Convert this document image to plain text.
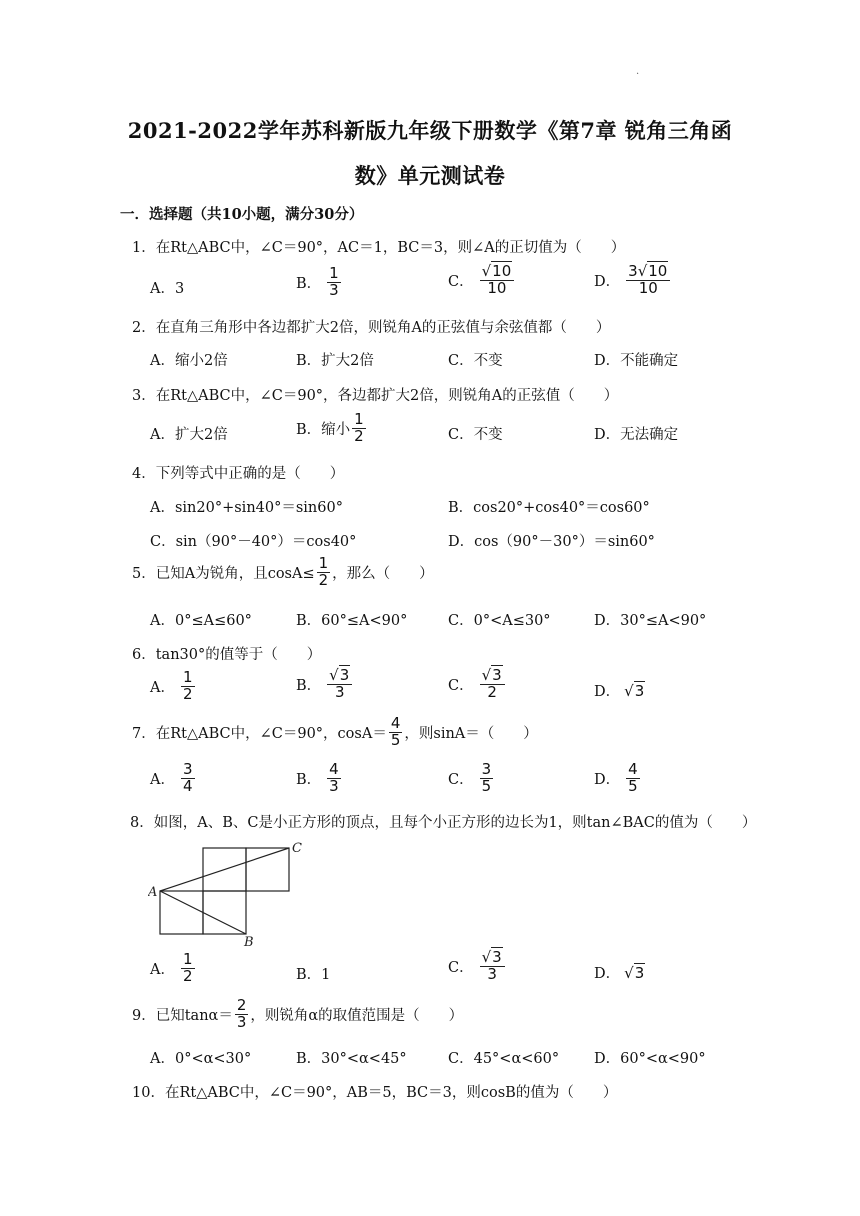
.
2021-2022学年苏科新版九年级下册数学《第7章 锐角三角函
数》单元测试卷
一．选择题（共10小题，满分30分）
1．在Rt△ABC中，∠C＝90°，AC＝1，BC＝3，则∠A的正切值为（　　）
A．3	B． $\frac{1}{3}$	C． $\frac{√10}{10}$	D． $\frac{3√10}{10}$
2．在直角三角形中各边都扩大2倍，则锐角A的正弦值与余弦值都（　　）
A．缩小2倍	B．扩大2倍	C．不变	D．不能确定
3．在Rt△ABC中，∠C＝90°，各边都扩大2倍，则锐角A的正弦值（　　）
A．扩大2倍	B．缩小 $\frac{1}{2}$	C．不变	D．无法确定
4．下列等式中正确的是（　　）
A．sin20°+sin40°＝sin60°	B．cos20°+cos40°＝cos60°
C．sin（90°－40°）＝cos40°	D．cos（90°－30°）＝sin60°
5．已知A为锐角，且$\cos A\le \frac{1}{2}$ ，那么（　　）
A．0°≤A≤60°	B．60°≤A<90°	C．0°<A≤30°	D．30°≤A<90°
6．tan30°的值等于（　　）
A． $\frac{1}{2}$	B． $\frac{√3}{3}$	C． $\frac{√3}{2}$	D． √3
7．在Rt△ABC中，∠C＝90°，$\cos A= \frac{4}{5}$ ，则sinA＝（　　）
A． $\frac{3}{4}$	B． $\frac{4}{3}$	C． $\frac{3}{5}$	D． $\frac{4}{5}$
8．如图，A、B、C是小正方形的顶点，且每个小正方形的边长为1，则tan∠BAC的值为（　　）
A
B
C
A． $\frac{1}{2}$	B．1	C． $\frac{√3}{3}$	D． √3
9．已知$\tan\alpha= \frac{2}{3}$ ，则锐角α的取值范围是（　　）
A．0°<α<30°	B．30°<α<45°	C．45°<α<60° D．60°<α<90°
10．在Rt△ABC中，∠C＝90°，AB＝5，BC＝3，则cosB的值为（　　）
